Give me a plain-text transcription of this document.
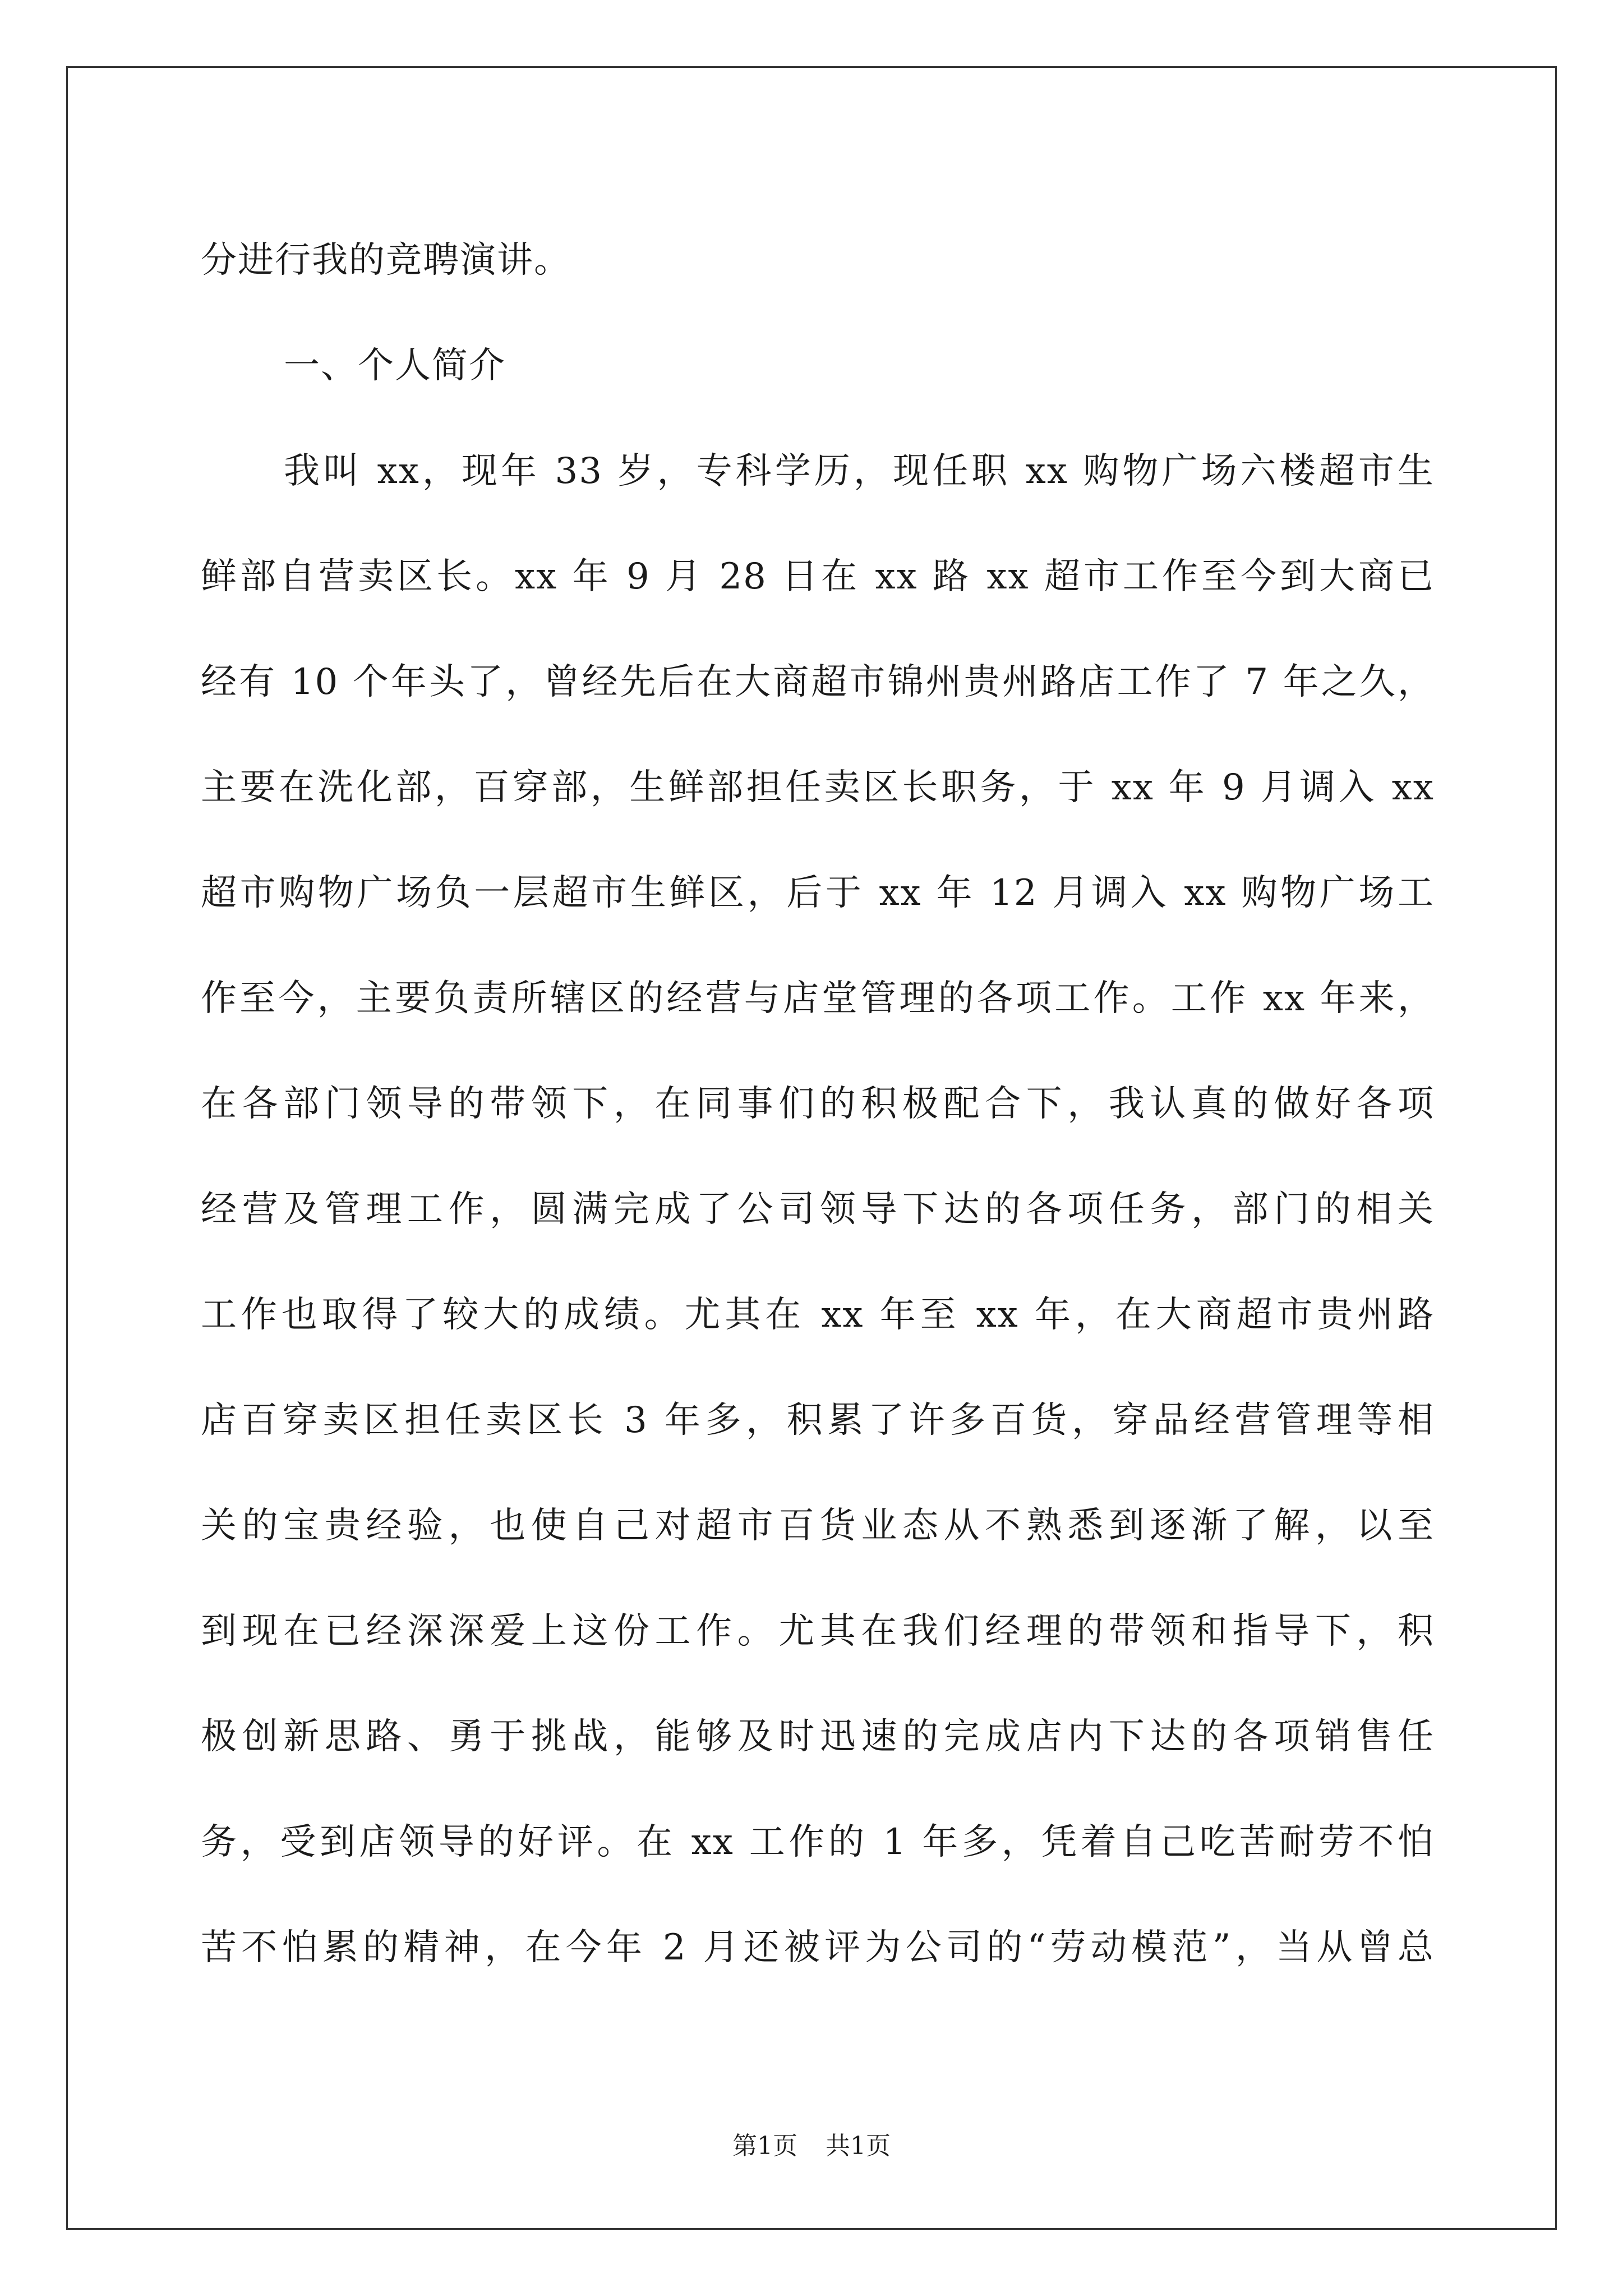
分进行我的竞聘演讲。
一、个人简介
我叫 xx，现年 33 岁，专科学历，现任职 xx 购物广场六楼超市生
鲜部自营卖区长。xx 年 9 月 28 日在 xx 路 xx 超市工作至今到大商已
经有 10 个年头了，曾经先后在大商超市锦州贵州路店工作了 7 年之久，
主要在洗化部，百穿部，生鲜部担任卖区长职务，于 xx 年 9 月调入 xx
超市购物广场负一层超市生鲜区，后于 xx 年 12 月调入 xx 购物广场工
作至今，主要负责所辖区的经营与店堂管理的各项工作。工作 xx 年来，
在各部门领导的带领下，在同事们的积极配合下，我认真的做好各项
经营及管理工作，圆满完成了公司领导下达的各项任务，部门的相关
工作也取得了较大的成绩。尤其在 xx 年至 xx 年，在大商超市贵州路
店百穿卖区担任卖区长 3 年多，积累了许多百货，穿品经营管理等相
关的宝贵经验，也使自己对超市百货业态从不熟悉到逐渐了解，以至
到现在已经深深爱上这份工作。尤其在我们经理的带领和指导下，积
极创新思路、勇于挑战，能够及时迅速的完成店内下达的各项销售任
务，受到店领导的好评。在 xx 工作的 1 年多，凭着自己吃苦耐劳不怕
苦不怕累的精神，在今年 2 月还被评为公司的“劳动模范”，当从曾总
第1页 共1页
